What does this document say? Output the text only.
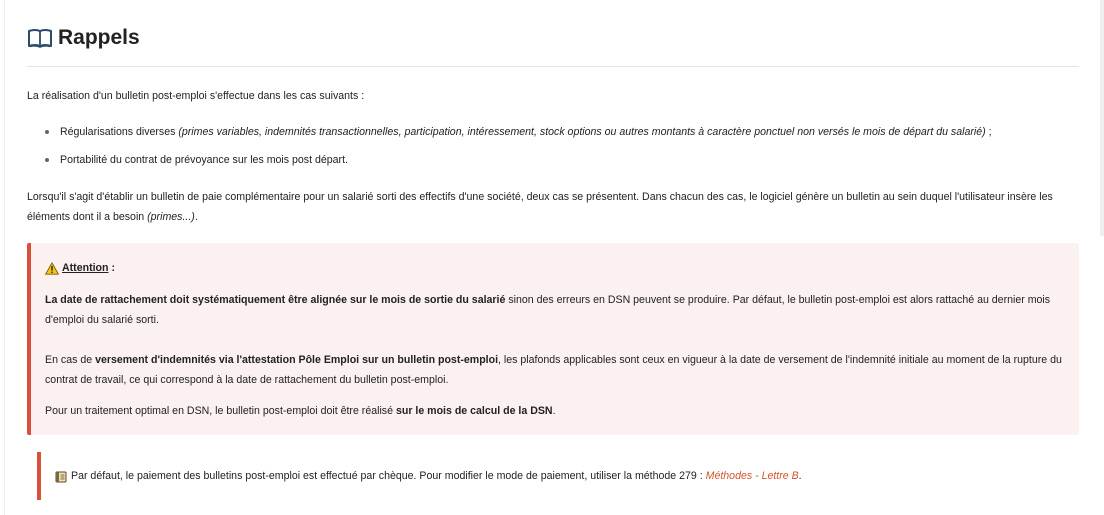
Rappels

La réalisation d'un bulletin post-emploi s'effectue dans les cas suivants :

Régularisations diverses (primes variables, indemnités transactionnelles, participation, intéressement, stock options ou autres montants à caractère ponctuel non versés le mois de départ du salarié) ;
Portabilité du contrat de prévoyance sur les mois post départ.

Lorsqu'il s'agit d'établir un bulletin de paie complémentaire pour un salarié sorti des effectifs d'une société, deux cas se présentent. Dans chacun des cas, le logiciel génère un bulletin au sein duquel l'utilisateur insère les éléments dont il a besoin (primes...).

Attention :

La date de rattachement doit systématiquement être alignée sur le mois de sortie du salarié sinon des erreurs en DSN peuvent se produire. Par défaut, le bulletin post-emploi est alors rattaché au dernier mois d'emploi du salarié sorti.

En cas de versement d'indemnités via l'attestation Pôle Emploi sur un bulletin post-emploi, les plafonds applicables sont ceux en vigueur à la date de versement de l'indemnité initiale au moment de la rupture du contrat de travail, ce qui correspond à la date de rattachement du bulletin post-emploi.

Pour un traitement optimal en DSN, le bulletin post-emploi doit être réalisé sur le mois de calcul de la DSN.

Par défaut, le paiement des bulletins post-emploi est effectué par chèque. Pour modifier le mode de paiement, utiliser la méthode 279 : Méthodes - Lettre B.
